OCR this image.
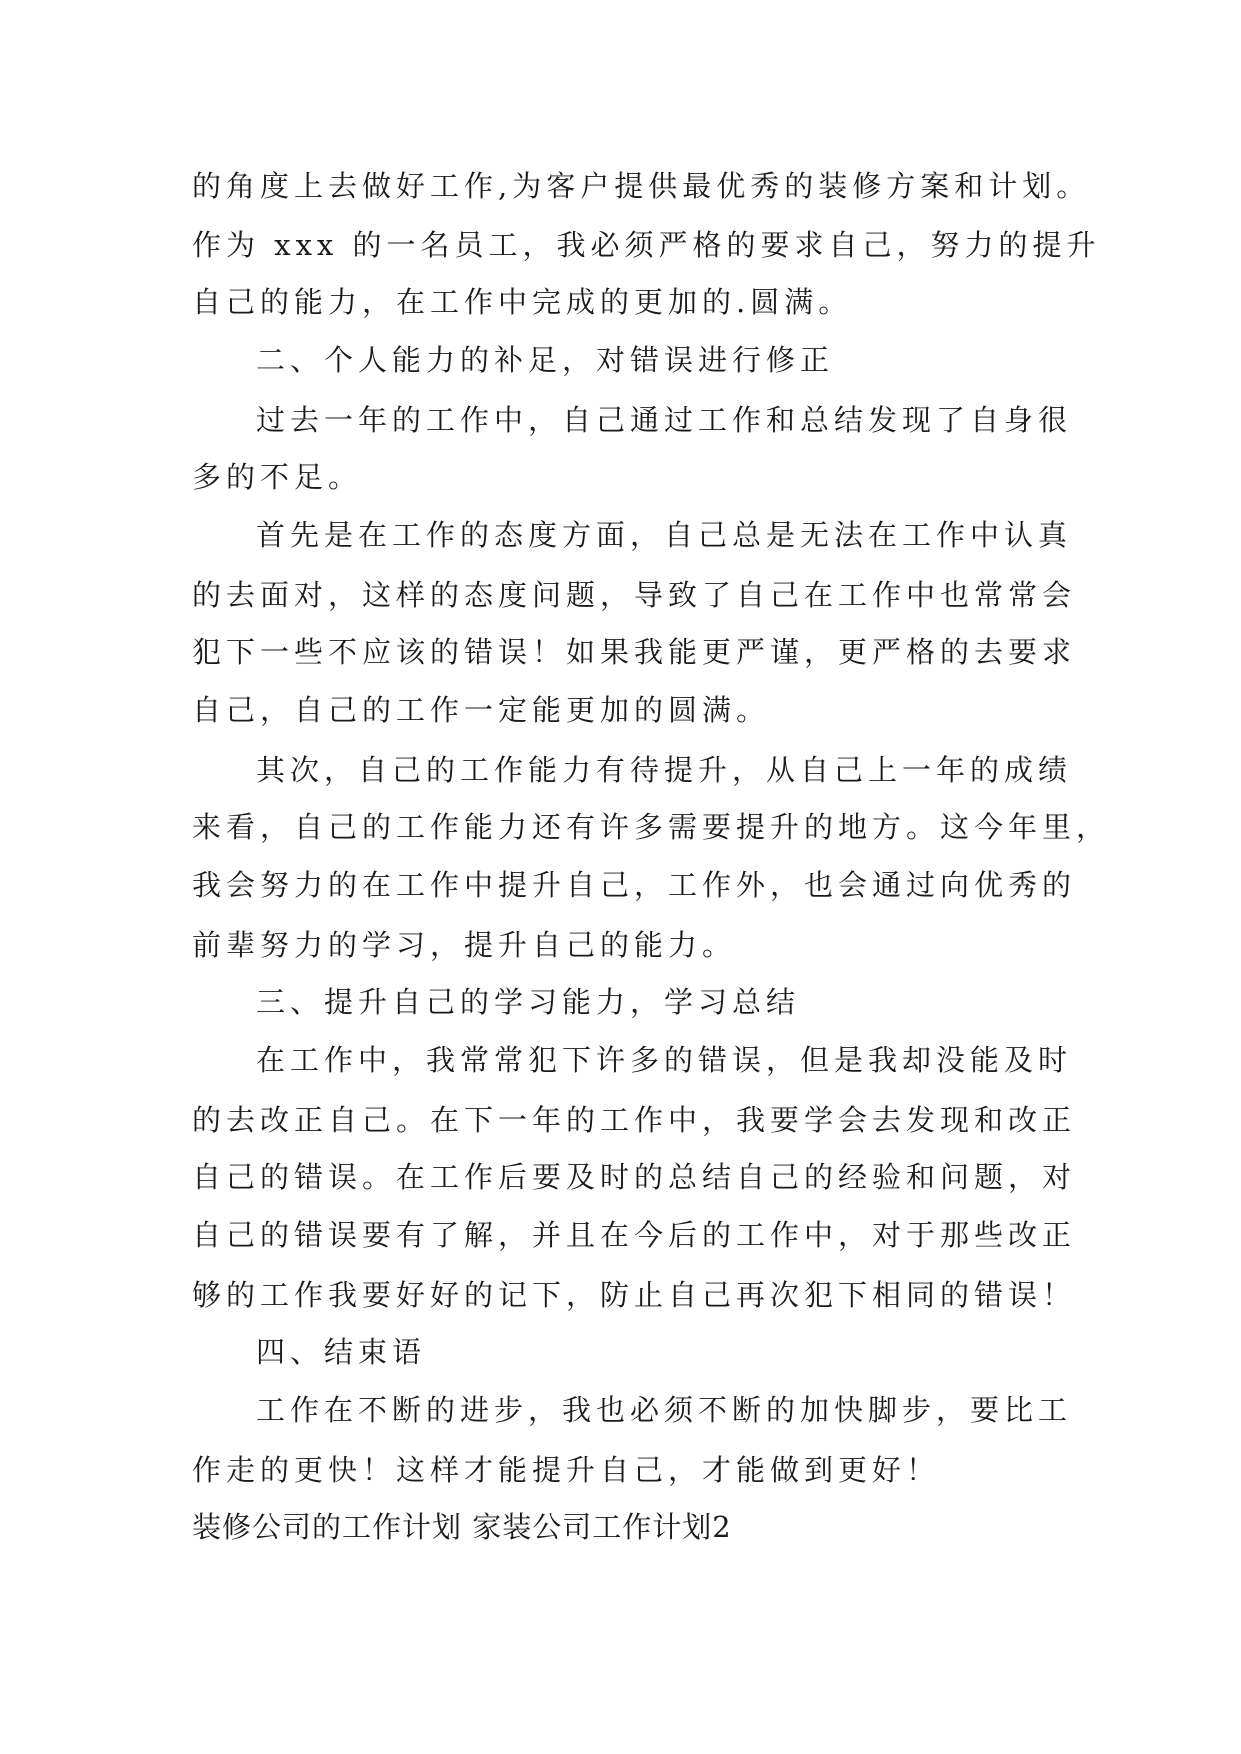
的角度上去做好工作,为客户提供最优秀的装修方案和计划。

作为 xxx 的一名员工，我必须严格的要求自己，努力的提升

自己的能力，在工作中完成的更加的.圆满。

二、个人能力的补足，对错误进行修正

过去一年的工作中，自己通过工作和总结发现了自身很

多的不足。

首先是在工作的态度方面，自己总是无法在工作中认真

的去面对，这样的态度问题，导致了自己在工作中也常常会

犯下一些不应该的错误！如果我能更严谨，更严格的去要求

自己，自己的工作一定能更加的圆满。

其次，自己的工作能力有待提升，从自己上一年的成绩

来看，自己的工作能力还有许多需要提升的地方。这今年里，

我会努力的在工作中提升自己，工作外，也会通过向优秀的

前辈努力的学习，提升自己的能力。

三、提升自己的学习能力，学习总结

在工作中，我常常犯下许多的错误，但是我却没能及时

的去改正自己。在下一年的工作中，我要学会去发现和改正

自己的错误。在工作后要及时的总结自己的经验和问题，对

自己的错误要有了解，并且在今后的工作中，对于那些改正

够的工作我要好好的记下，防止自己再次犯下相同的错误！

四、结束语

工作在不断的进步，我也必须不断的加快脚步，要比工

作走的更快！这样才能提升自己，才能做到更好！

装修公司的工作计划 家装公司工作计划2
